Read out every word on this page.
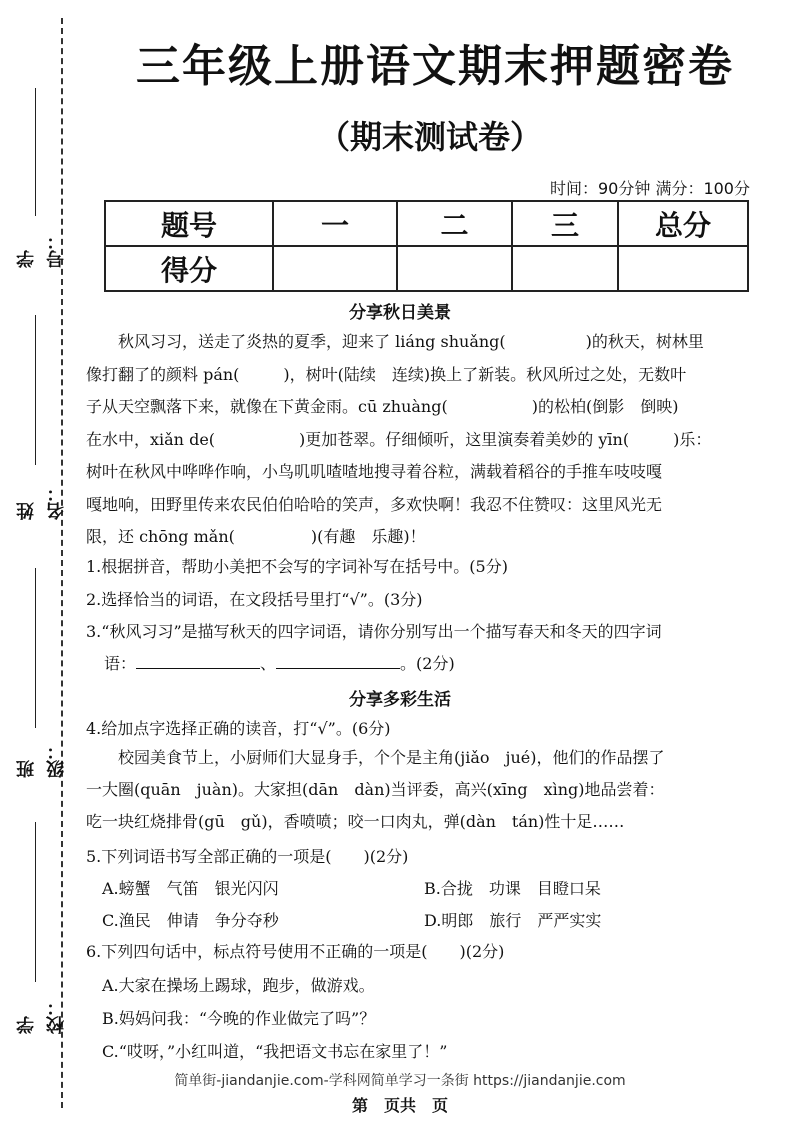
学号：
姓名：
班级：
学校：
三年级上册语文期末押题密卷
（期末测试卷）
时间：90分钟 满分：100分
题号	一	二	三	总分
得分				
分享秋日美景
秋风习习，送走了炎热的夏季，迎来了 liáng shuǎng(	)的秋天，树林里
像打翻了的颜料 pán(	)，树叶(陆续　连续)换上了新装。秋风所过之处，无数叶
子从天空飘落下来，就像在下黄金雨。cū zhuàng(	)的松柏(倒影　倒映)
在水中，xiǎn de(	)更加苍翠。仔细倾听，这里演奏着美妙的 yīn(	)乐：
树叶在秋风中哗哗作响，小鸟叽叽喳喳地搜寻着谷粒，满载着稻谷的手推车吱吱嘎
嘎地响，田野里传来农民伯伯哈哈的笑声，多欢快啊！我忍不住赞叹：这里风光无
限，还 chōng mǎn(	)(有趣　乐趣)！
1.根据拼音，帮助小美把不会写的字词补写在括号中。(5分)
2.选择恰当的词语，在文段括号里打“√”。(3分)
3.“秋风习习”是描写秋天的四字词语，请你分别写出一个描写春天和冬天的四字词
语：	、	。(2分)
分享多彩生活
4.给加点字选择正确的读音，打“√”。(6分)
校园美食节上，小厨师们大显身手，个个是主角(jiǎo　jué)，他们的作品摆了
一大圈(quān　juàn)。大家担(dān　dàn)当评委，高兴(xīng　xìng)地品尝着：
吃一块红烧排骨(gū　gǔ)，香喷喷；咬一口肉丸，弹(dàn　tán)性十足……
5.下列词语书写全部正确的一项是(　　)(2分)
A.螃蟹　气笛　银光闪闪	B.合拢　功课　目瞪口呆
C.渔民　伸请　争分夺秒	D.明郎　旅行　严严实实
6.下列四句话中，标点符号使用不正确的一项是(　　)(2分)
A.大家在操场上踢球，跑步，做游戏。
B.妈妈问我：“今晚的作业做完了吗”？
C.“哎呀，”小红叫道，“我把语文书忘在家里了！”
简单街-jiandanjie.com-学科网简单学习一条街 https://jiandanjie.com
第　页共　页
